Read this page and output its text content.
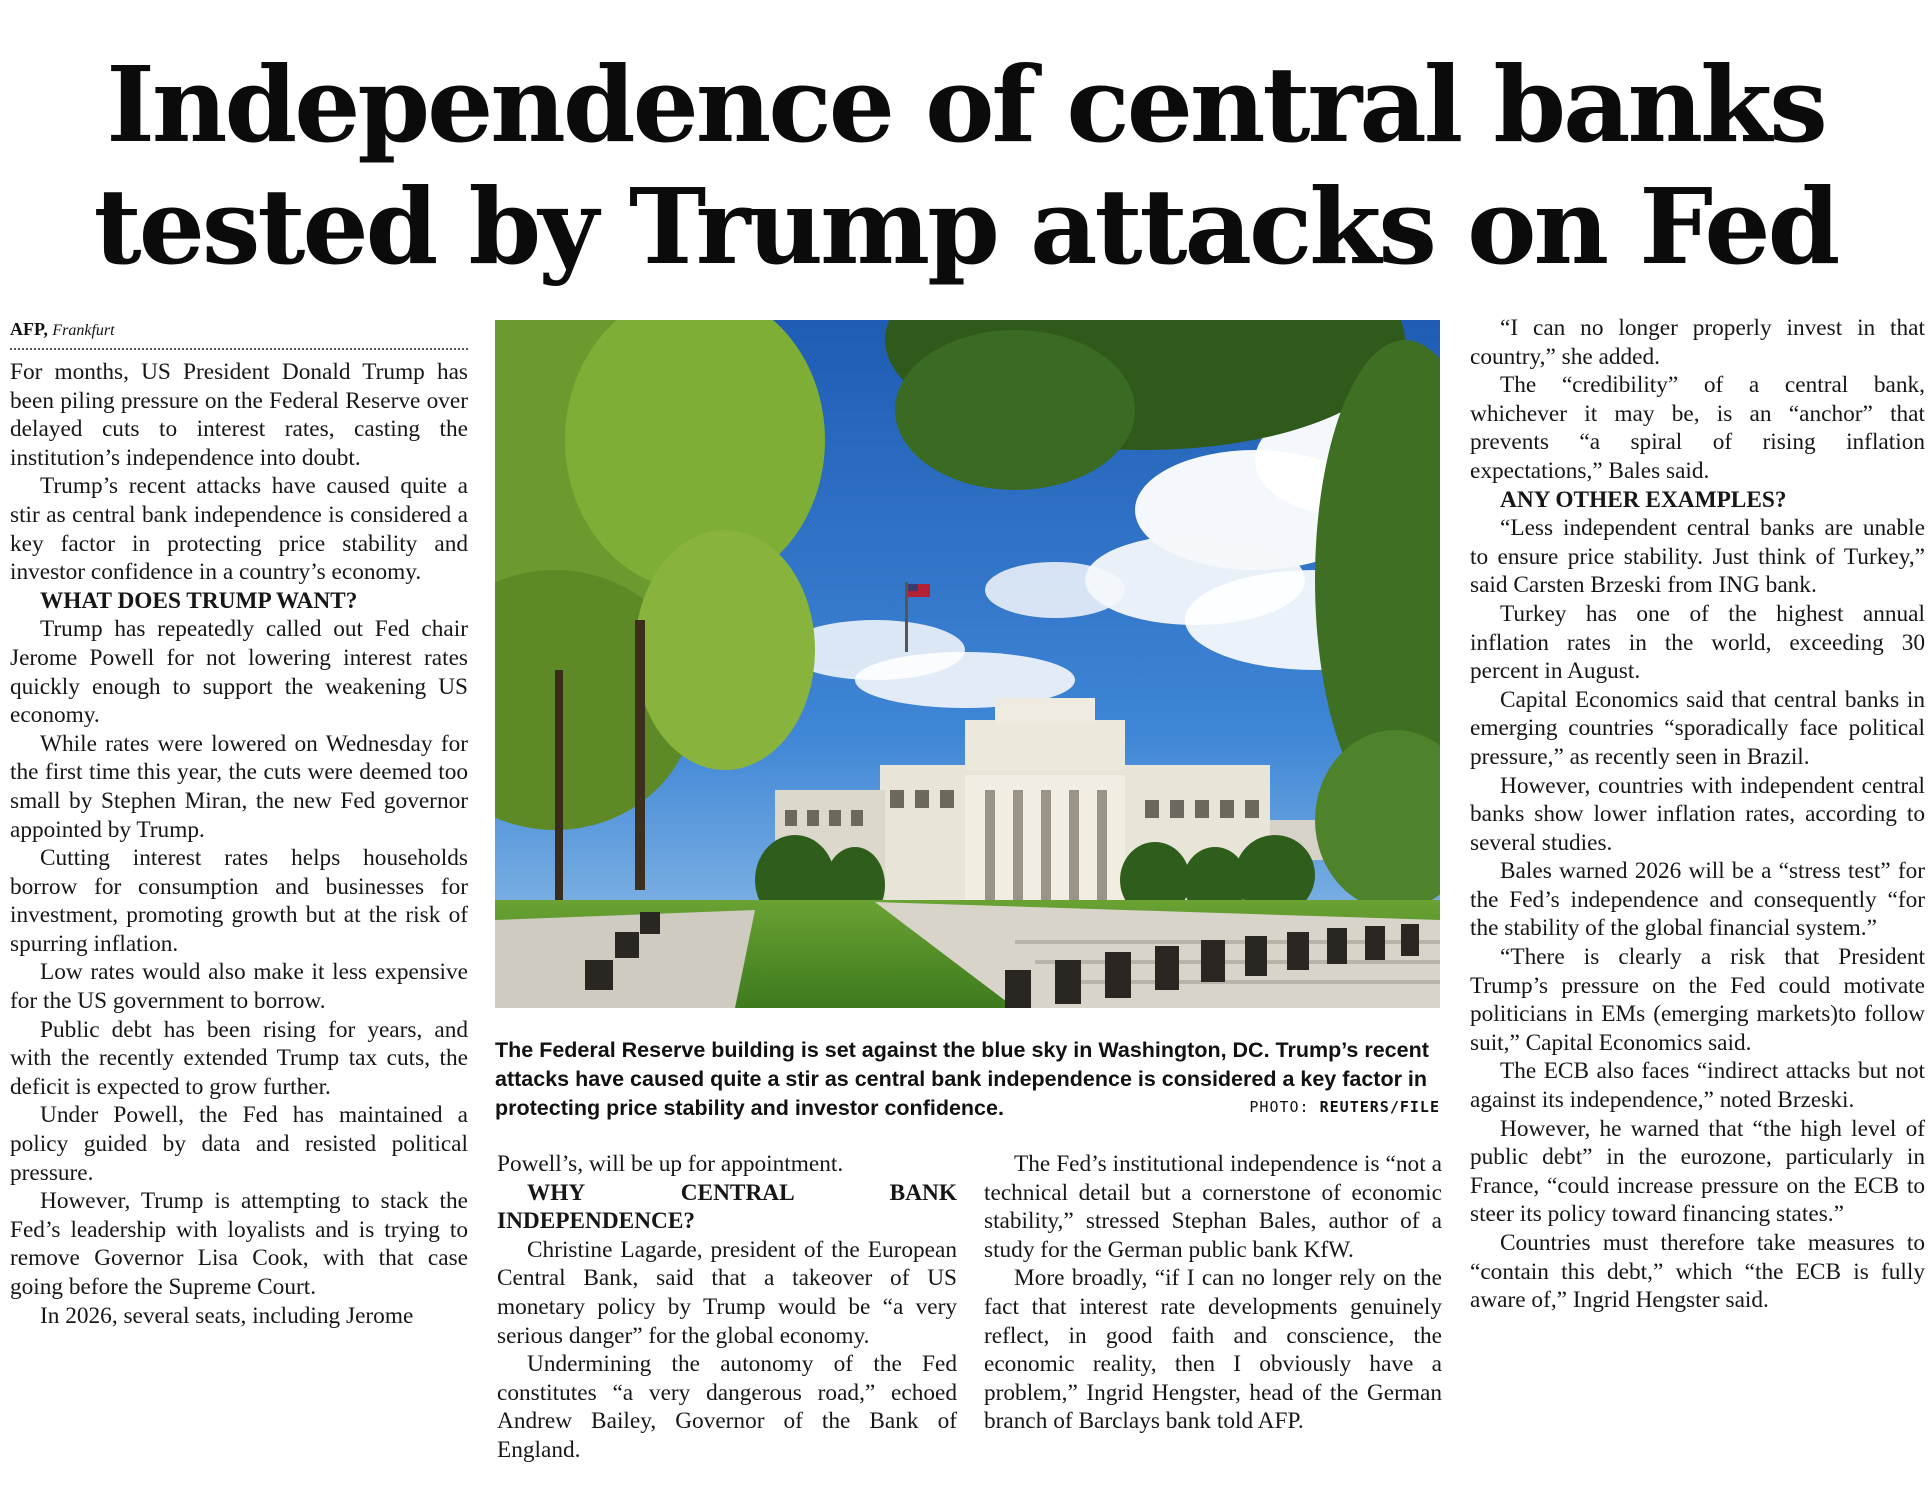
Independence of central banks
tested by Trump attacks on Fed
AFP, Frankfurt

For months, US President Donald Trump has been piling pressure on the Federal Reserve over delayed cuts to interest rates, casting the institution’s independence into doubt.

Trump’s recent attacks have caused quite a stir as central bank independence is considered a key factor in protecting price stability and investor confidence in a country’s economy.

WHAT DOES TRUMP WANT?

Trump has repeatedly called out Fed chair Jerome Powell for not lowering interest rates quickly enough to support the weakening US economy.

While rates were lowered on Wednesday for the first time this year, the cuts were deemed too small by Stephen Miran, the new Fed governor appointed by Trump.

Cutting interest rates helps households borrow for consumption and businesses for investment, promoting growth but at the risk of spurring inflation.

Low rates would also make it less expensive for the US government to borrow.

Public debt has been rising for years, and with the recently extended Trump tax cuts, the deficit is expected to grow further.

Under Powell, the Fed has maintained a policy guided by data and resisted political pressure.

However, Trump is attempting to stack the Fed’s leadership with loyalists and is trying to remove Governor Lisa Cook, with that case going before the Supreme Court.

In 2026, several seats, including Jerome

The Federal Reserve building is set against the blue sky in Washington, DC. Trump’s recent attacks have caused quite a stir as central bank independence is considered a key factor in protecting price stability and investor confidence.	PHOTO: REUTERS/FILE

Powell’s, will be up for appointment.

WHY CENTRAL BANK INDEPENDENCE?

Christine Lagarde, president of the European Central Bank, said that a takeover of US monetary policy by Trump would be “a very serious danger” for the global economy.

Undermining the autonomy of the Fed constitutes “a very dangerous road,” echoed Andrew Bailey, Governor of the Bank of England.

The Fed’s institutional independence is “not a technical detail but a cornerstone of economic stability,” stressed Stephan Bales, author of a study for the German public bank KfW.

More broadly, “if I can no longer rely on the fact that interest rate developments genuinely reflect, in good faith and conscience, the economic reality, then I obviously have a problem,” Ingrid Hengster, head of the German branch of Barclays bank told AFP.

“I can no longer properly invest in that country,” she added.

The “credibility” of a central bank, whichever it may be, is an “anchor” that prevents “a spiral of rising inflation expectations,” Bales said.

ANY OTHER EXAMPLES?

“Less independent central banks are unable to ensure price stability. Just think of Turkey,” said Carsten Brzeski from ING bank.

Turkey has one of the highest annual inflation rates in the world, exceeding 30 percent in August.

Capital Economics said that central banks in emerging countries “sporadically face political pressure,” as recently seen in Brazil.

However, countries with independent central banks show lower inflation rates, according to several studies.

Bales warned 2026 will be a “stress test” for the Fed’s independence and consequently “for the stability of the global financial system.”

“There is clearly a risk that President Trump’s pressure on the Fed could motivate politicians in EMs (emerging markets)to follow suit,” Capital Economics said.

The ECB also faces “indirect attacks but not against its independence,” noted Brzeski.

However, he warned that “the high level of public debt” in the eurozone, particularly in France, “could increase pressure on the ECB to steer its policy toward financing states.”

Countries must therefore take measures to “contain this debt,” which “the ECB is fully aware of,” Ingrid Hengster said.
